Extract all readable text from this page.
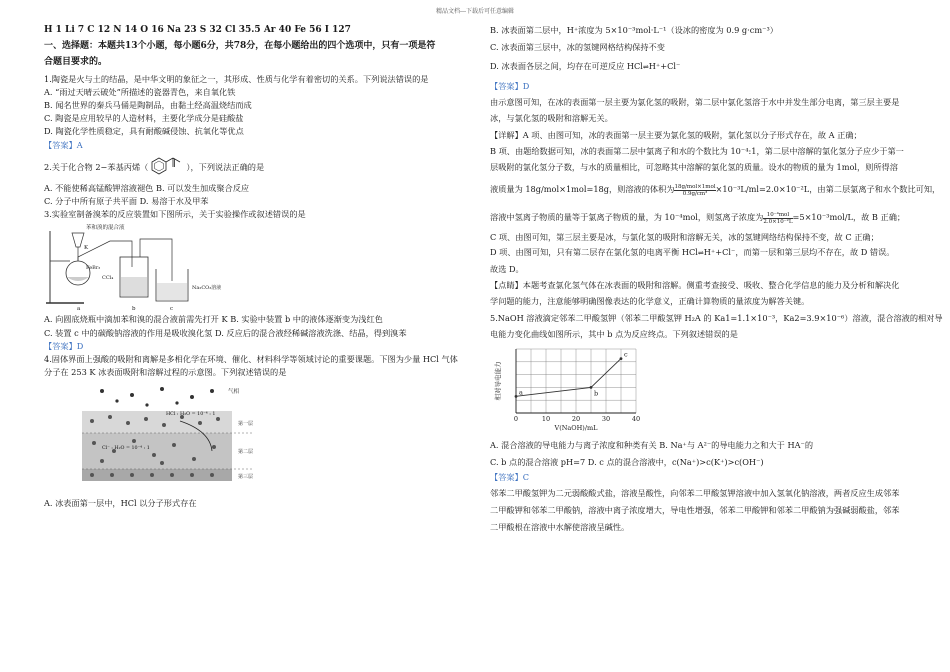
精品文档---下载后可任意编辑
H 1 Li 7 C 12 N 14 O 16 Na 23 S 32 Cl 35.5 Ar 40 Fe 56 I 127
一、选择题：本题共13个小题，每小题6分，共78分，在每小题给出的四个选项中，只有一项是符
合题目要求的。
1.陶瓷是火与土的结晶，是中华文明的象征之一，其形成、性质与化学有着密切的关系。下列说法错误的是
A. “雨过天晴云破处”所描述的瓷器青色，来自氧化铁
B. 闻名世界的秦兵马俑是陶制品，由黏土经高温烧结而成
C. 陶瓷是应用较早的人造材料，主要化学成分是硅酸盐
D. 陶瓷化学性质稳定，具有耐酸碱侵蚀、抗氧化等优点
【答案】A
2.关于化合物 2−苯基丙烯（	），下列说法正确的是
A. 不能使稀高锰酸钾溶液褪色 B. 可以发生加成聚合反应
C. 分子中所有原子共平面 D. 易溶于水及甲苯
3.实验室制备溴苯的反应装置如下图所示，关于实验操作或叙述错误的是
苯和溴的混合液
K
FeBr₃
CCl₄
Na₂CO₃溶液
a	b	c
A. 向圆底烧瓶中滴加苯和溴的混合液前需先打开 K B. 实验中装置 b 中的液体逐渐变为浅红色
C. 装置 c 中的碳酸钠溶液的作用是吸收溴化氢 D. 反应后的混合液经稀碱溶液洗涤、结晶，得到溴苯
【答案】D
4.固体界面上强酸的吸附和离解是多相化学在环境、催化、材料科学等领域讨论的重要课题。下图为少量 HCl 气体
分子在 253 K 冰表面吸附和溶解过程的示意图。下列叙述错误的是
气相
HCl : H₂O = 10⁻⁴ : 1
Cl⁻ : H₂O = 10⁻⁴ : 1
第一层
第二层
第三层
A. 冰表面第一层中，HCl 以分子形式存在
B. 冰表面第二层中，H⁺浓度为 5×10⁻³mol·L⁻¹（设冰的密度为 0.9 g·cm⁻³）
C. 冰表面第三层中，冰的氢键网格结构保持不变
D. 冰表面各层之间，均存在可逆反应 HCl⇌H⁺+Cl⁻
【答案】D
由示意图可知，在冰的表面第一层主要为氯化氢的吸附，第二层中氯化氢溶于水中并发生部分电离，第三层主要是
冰，与氯化氢的吸附和溶解无关。
【详解】A 项、由图可知，冰的表面第一层主要为氯化氢的吸附，氯化氢以分子形式存在，故 A 正确；
B 项、由题给数据可知，冰的表面第二层中氯离子和水的个数比为 10⁻⁴:1，第二层中溶解的氯化氢分子应少于第一
层吸附的氯化氢分子数，与水的质量相比，可忽略其中溶解的氯化氢的质量。设水的物质的量为 1mol，则所得溶
液质量为 18g/mol×1mol=18g，则溶液的体积为 $\frac{\text{18g/mol×1mol}}{\text{0.9g/cm³}} \times 10^{-3}L/ml=2.0\times 10^{-2}L$，由第二层氯离子和水个数比可知，
溶液中氢离子物质的量等于氯离子物质的量，为 10⁻⁴mol，则氢离子浓度为 $\frac{\text{10⁻⁴mol}}{\text{2.0×10⁻²L}} =5\times 10^{-3}mol/L$，故 B 正确；
C 项、由图可知，第三层主要是冰，与氯化氢的吸附和溶解无关，冰的氢键网络结构保持不变，故 C 正确；
D 项、由图可知，只有第二层存在氯化氢的电离平衡 HCl⇌H⁺+Cl⁻，而第一层和第三层均不存在，故 D 错误。
故选 D。
【点睛】本题考查氯化氢气体在冰表面的吸附和溶解。侧重考查接受、吸收、整合化学信息的能力及分析和解决化
学问题的能力，注意能够明确图像表达的化学意义，正确计算物质的量浓度为解答关键。
5.NaOH 溶液滴定邻苯二甲酸氢钾（邻苯二甲酸氢钾 H₂A 的 Ka1=1.1×10⁻³，Ka2=3.9×10⁻⁶）溶液，混合溶液的相对导
电能力变化曲线如图所示，其中 b 点为反应终点。下列叙述错误的是
0	10	20	30	40
V(NaOH)/mL
相对导电能力	a	b
c
A. 混合溶液的导电能力与离子浓度和种类有关 B. Na⁺与 A²⁻的导电能力之和大于 HA⁻的
C. b 点的混合溶液 pH=7 D. c 点的混合溶液中，c(Na⁺)>c(K⁺)>c(OH⁻)
【答案】C
邻苯二甲酸氢钾为二元弱酸酸式盐，溶液呈酸性，向邻苯二甲酸氢钾溶液中加入氢氧化钠溶液，两者反应生成邻苯
二甲酸钾和邻苯二甲酸钠，溶液中离子浓度增大，导电性增强，邻苯二甲酸钾和邻苯二甲酸钠为强碱弱酸盐，邻苯
二甲酸根在溶液中水解使溶液呈碱性。
